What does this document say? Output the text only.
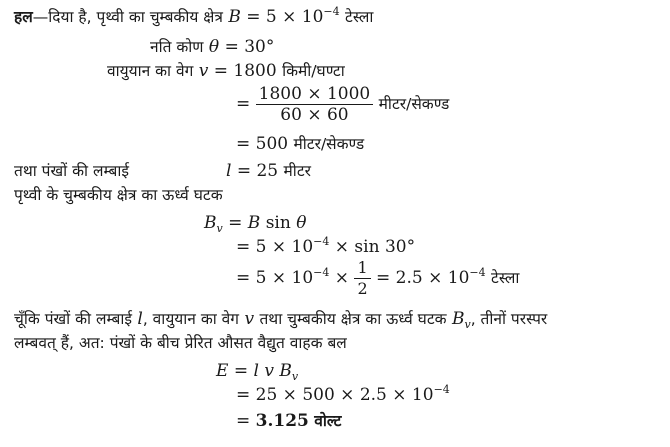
हल—दिया है, पृथ्वी का चुम्बकीय क्षेत्र $B = 5 \times 10^{-4}$ टेस्ला
नति कोण θ = 30°
वायुयान का वेग v = 1800 किमी/घण्टा
= $\frac{1800 \times 1000}{60 \times 60}$ मीटर/सेकण्ड
= 500 मीटर/सेकण्ड
तथा पंखों की लम्बाई	l = 25 मीटर
पृथ्वी के चुम्बकीय क्षेत्र का ऊर्ध्व घटक
$B_v = B$ sin θ
= $5 \times 10^{-4} \times \sin 30^\circ$
= $5 \times 10^{-4} \times \frac{1}{2} = 2.5 \times 10^{-4}$ टेस्ला
चूँकि पंखों की लम्बाई l, वायुयान का वेग v तथा चुम्बकीय क्षेत्र का ऊर्ध्व घटक $B_v$, तीनों परस्पर
लम्बवत् हैं, अत: पंखों के बीच प्रेरित औसत वैद्युत वाहक बल
E = l v $B_v$
= $25 \times 500 \times 2.5 \times 10^{-4}$
= 3.125 वोल्ट
